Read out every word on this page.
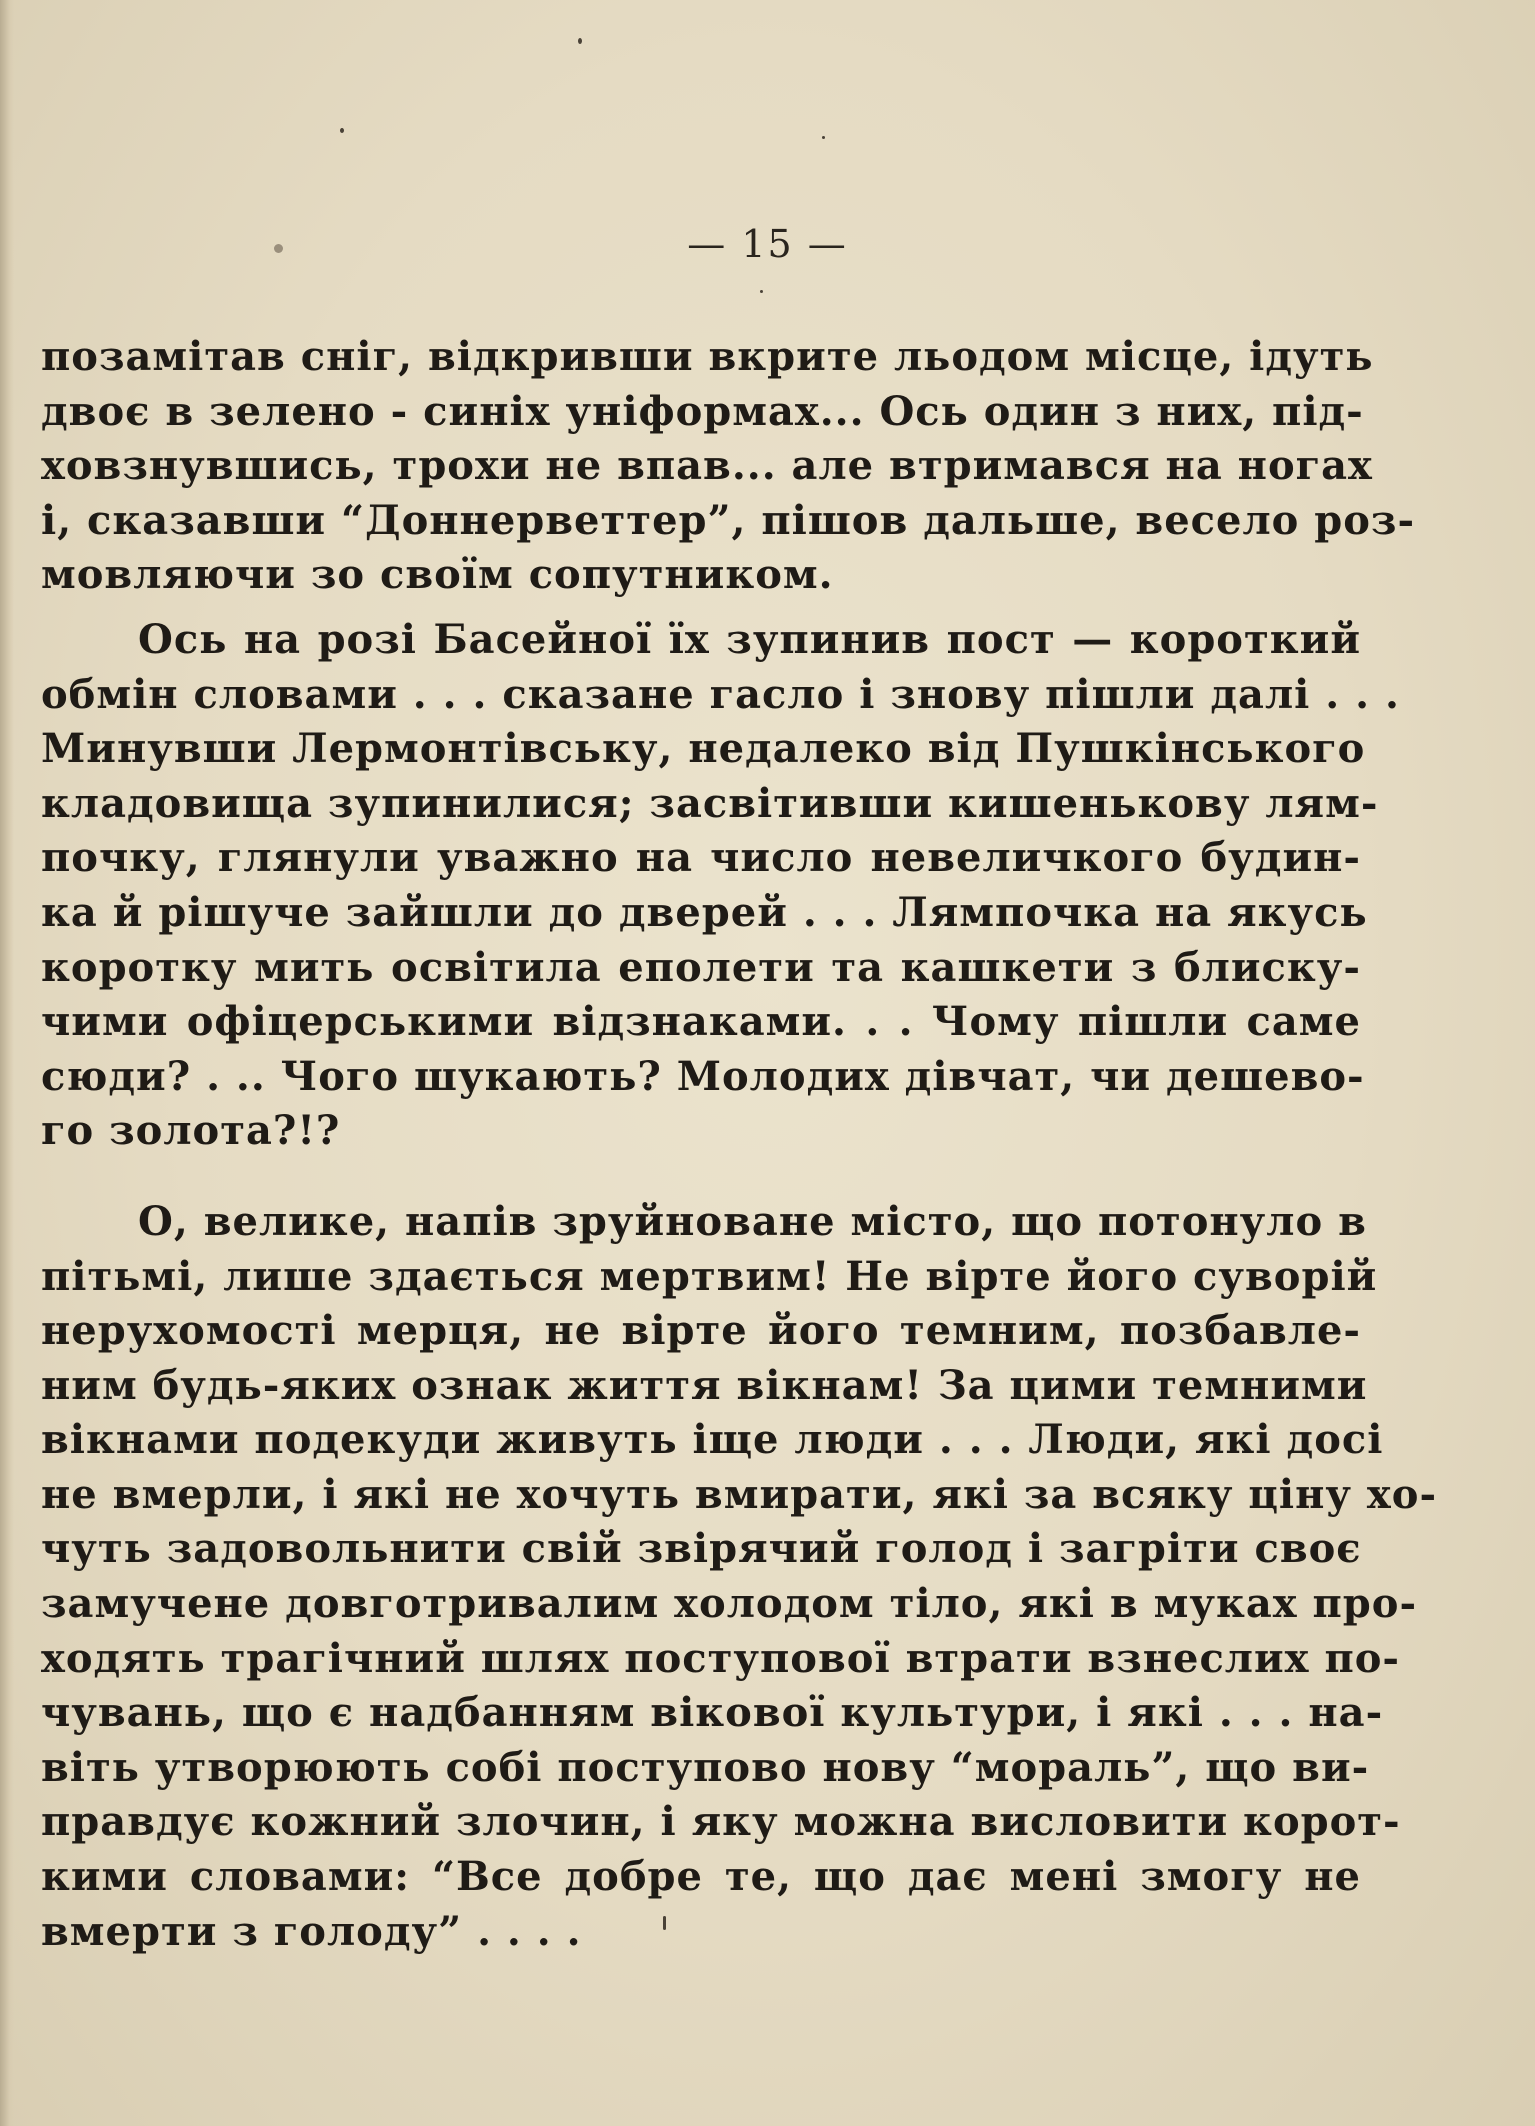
— 15 —
позамітав сніг, відкривши вкрите льодом місце, ідуть
двоє в зелено - синіх уніформах... Ось один з них, під-
ховзнувшись, трохи не впав... але втримався на ногах
і, сказавши “Доннерветтер”, пішов дальше, весело роз-
мовляючи зо своїм сопутником.
Ось на розі Басейної їх зупинив пост — короткий
обмін словами . . . сказане гасло і знову пішли далі . . .
Минувши Лермонтівську, недалеко від Пушкінського
кладовища зупинилися; засвітивши кишенькову лям-
почку, глянули уважно на число невеличкого будин-
ка й рішуче зайшли до дверей . . . Лямпочка на якусь
коротку мить освітила еполети та кашкети з блиску-
чими офіцерськими відзнаками. . . Чому пішли саме
сюди? . .. Чого шукають? Молодих дівчат, чи дешево-
го золота?!?
О, велике, напів зруйноване місто, що потонуло в
пітьмі, лише здається мертвим! Не вірте його суворій
нерухомості мерця, не вірте його темним, позбавле-
ним будь-яких ознак життя вікнам! За цими темними
вікнами подекуди живуть іще люди . . . Люди, які досі
не вмерли, і які не хочуть вмирати, які за всяку ціну хо-
чуть задовольнити свій звірячий голод і загріти своє
замучене довготривалим холодом тіло, які в муках про-
ходять трагічний шлях поступової втрати взнеслих по-
чувань, що є надбанням вікової культури, і які . . . на-
віть утворюють собі поступово нову “мораль”, що ви-
правдує кожний злочин, і яку можна висловити корот-
кими словами: “Все добре те, що дає мені змогу не
вмерти з голоду” . . . .
